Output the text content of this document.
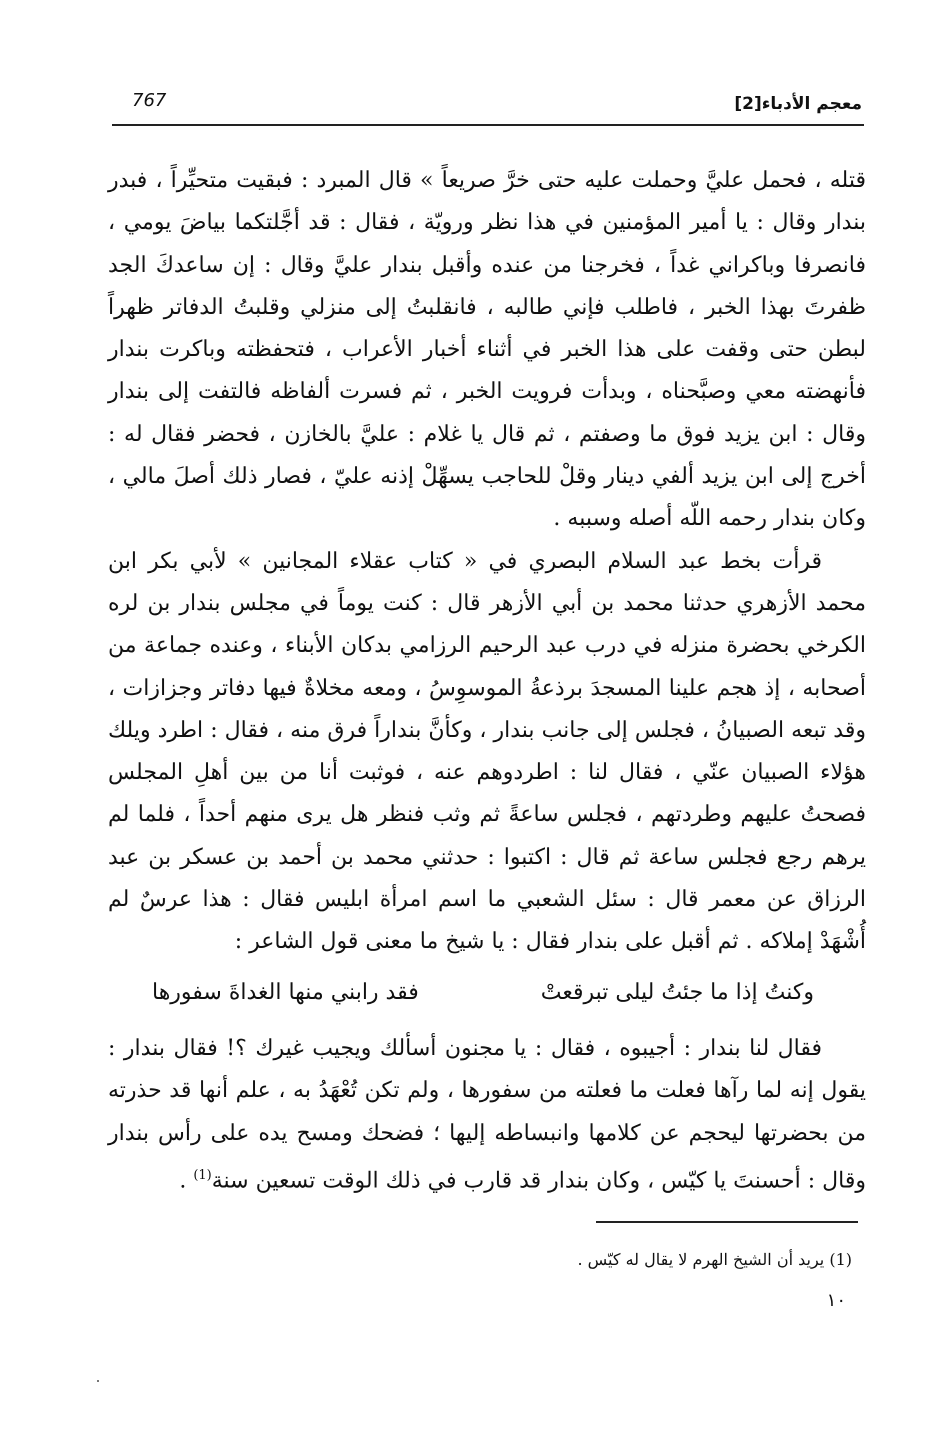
معجم الأدباء[2]
767

قتله ، فحمل عليَّ وحملت عليه حتى خرَّ صريعاً » قال المبرد : فبقيت متحيِّراً ، فبدر بندار وقال : يا أمير المؤمنين في هذا نظر ورويّة ، فقال : قد أجَّلتكما بياضَ يومي ، فانصرفا وباكراني غداً ، فخرجنا من عنده وأقبل بندار عليَّ وقال : إن ساعدكَ الجد ظفرتَ بهذا الخبر ، فاطلب فإني طالبه ، فانقلبتُ إلى منزلي وقلبتُ الدفاتر ظهراً لبطن حتى وقفت على هذا الخبر في أثناء أخبار الأعراب ، فتحفظته وباكرت بندار فأنهضته معي وصبَّحناه ، وبدأت فرويت الخبر ، ثم فسرت ألفاظه فالتفت إلى بندار وقال : ابن يزيد فوق ما وصفتم ، ثم قال يا غلام : عليَّ بالخازن ، فحضر فقال له : أخرج إلى ابن يزيد ألفي دينار وقلْ للحاجب يسهِّلْ إذنه عليّ ، فصار ذلك أصلَ مالي ، وكان بندار رحمه اللّه أصله وسببه .

قرأت بخط عبد السلام البصري في « كتاب عقلاء المجانين » لأبي بكر ابن محمد الأزهري حدثنا محمد بن أبي الأزهر قال : كنت يوماً في مجلس بندار بن لره الكرخي بحضرة منزله في درب عبد الرحيم الرزامي بدكان الأبناء ، وعنده جماعة من أصحابه ، إذ هجم علينا المسجدَ برذعةُ الموسوِسُ ، ومعه مخلاةٌ فيها دفاتر وجزازات ، وقد تبعه الصبيانُ ، فجلس إلى جانب بندار ، وكأنَّ بنداراً فرق منه ، فقال : اطرد ويلك هؤلاء الصبيان عنّي ، فقال لنا : اطردوهم عنه ، فوثبت أنا من بين أهلِ المجلس فصحتُ عليهم وطردتهم ، فجلس ساعةً ثم وثب فنظر هل يرى منهم أحداً ، فلما لم يرهم رجع فجلس ساعة ثم قال : اكتبوا : حدثني محمد بن أحمد بن عسكر بن عبد الرزاق عن معمر قال : سئل الشعبي ما اسم امرأة ابليس فقال : هذا عرسٌ لم أُشْهَدْ إملاكه . ثم أقبل على بندار فقال : يا شيخ ما معنى قول الشاعر :

وكنتُ إذا ما جئتُ ليلى تبرقعتْ
فقد رابني منها الغداةَ سفورها

فقال لنا بندار : أجيبوه ، فقال : يا مجنون أسألك ويجيب غيرك ؟! فقال بندار : يقول إنه لما رآها فعلت ما فعلته من سفورها ، ولم تكن تُعْهَدُ به ، علم أنها قد حذرته من بحضرتها ليحجم عن كلامها وانبساطه إليها ؛ فضحك ومسح يده على رأس بندار وقال : أحسنتَ يا كيّس ، وكان بندار قد قارب في ذلك الوقت تسعين سنة$^{(1)}$ .

(1) يريد أن الشيخ الهرم لا يقال له كيّس .
١٠
